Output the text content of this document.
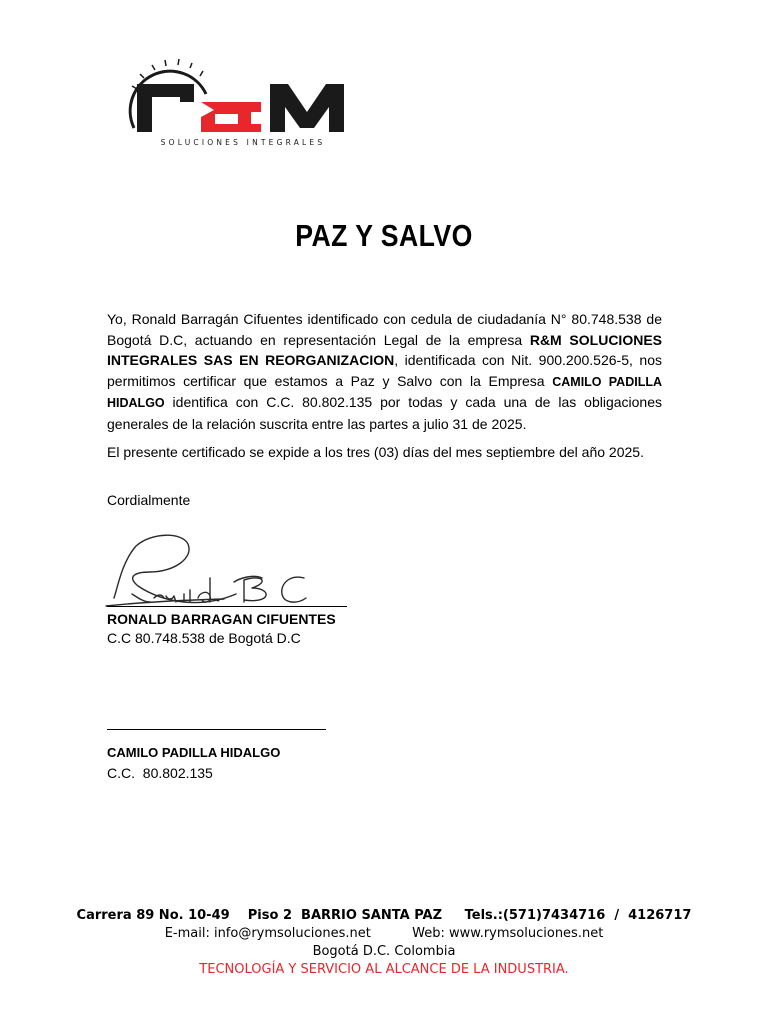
SOLUCIONES INTEGRALES
PAZ Y SALVO

Yo, Ronald Barragán Cifuentes identificado con cedula de ciudadanía N° 80.748.538 de Bogotá D.C, actuando en representación Legal de la empresa R&M SOLUCIONES INTEGRALES SAS EN REORGANIZACION, identificada con Nit. 900.200.526-5, nos permitimos certificar que estamos a Paz y Salvo con la Empresa CAMILO PADILLA HIDALGO identifica con C.C. 80.802.135 por todas y cada una de las obligaciones generales de la relación suscrita entre las partes a julio 31 de 2025.

El presente certificado se expide a los tres (03) días del mes septiembre del año 2025.

Cordialmente
RONALD BARRAGAN CIFUENTES
C.C 80.748.538 de Bogotá D.C
CAMILO PADILLA HIDALGO
C.C.  80.802.135
Carrera 89 No. 10-49    Piso 2  BARRIO SANTA PAZ     Tels.:(571)7434716  /  4126717
E-mail: info@rymsoluciones.net          Web: www.rymsoluciones.net
Bogotá D.C. Colombia
TECNOLOGÍA Y SERVICIO AL ALCANCE DE LA INDUSTRIA.
